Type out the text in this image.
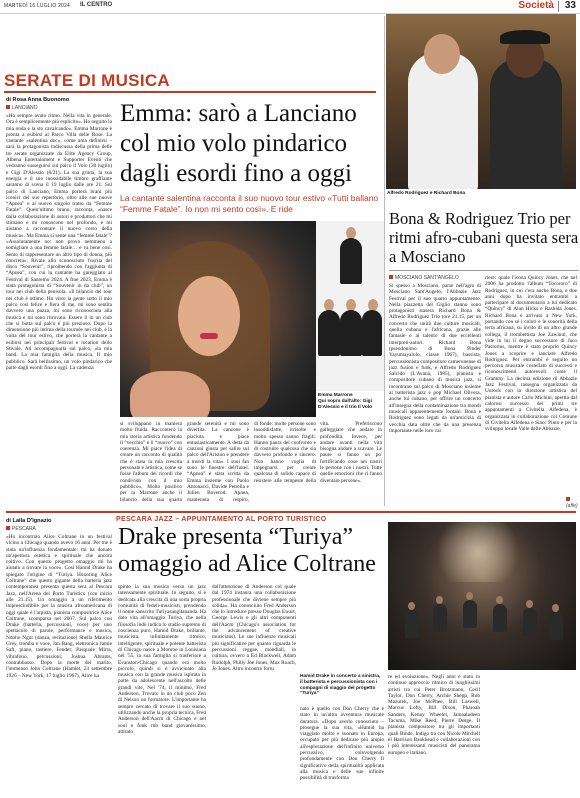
MARTEDÌ 16 LUGLIO 2024 IL CENTRO	Società 33
SERATE DI MUSICA
di Rosa Anna Buonomo
LANCIANO
«Ho sempre avuto ritmo. Nella vita in generale. Ora è semplicemente più esplicito». Ho seguito la mia onda e la sto cavalcando». Emma Marrone è pronta a esibirsi al Parco Villa delle Rose. La cantante «salentina doc», come ama definirsi – sarà la protagonista indiscussa della prima delle tre serate organizzate da Elite Agency Group, Albena Entertainment e Supporter Eventi che vedranno susseguirsi sul palco il Volo (30 luglio) e Gigi D'Alessio (8/21). La sua grinta, la sua energia e il suo inossidabile timbro graffiante saranno di scena il 19 luglio dalle ore 21. Sul palco di Lanciano, Emma porterà brani più iconici del suo repertorio, oltre alle sue nuove “Apnea” e al nuovo singolo tratto da “Femme Fatale”. Quest'ultimo brano, racconta, «nasce dalla collaborazione di autori e produttori che mi stimano e mi conoscono nel profondo, e mi aiutano a raccontare il nuovo corso della musica». Ma Emma si sente una “femme fatale”? «Assolutamente no: non provo nemmeno a somigliare a una femme fatale… e va bene così. Sento di rappresentare un altro tipo di donna, più concreta». Rivale allo sconosciuto l'uscita del disco “Souvenir”, riproibendo con l'aggiunta di “Apnea”, con cui la cantante ha gareggiato al Festival di Sanremo 2024. A fine 2023, Emma è stata protagonista di “Souvenir in da club”, un tour nei club della penisola. «Il bilancio del tour nei club è ottimo. Ho visto la gente sotto il mio palco così felice e fiera di me, mi sono sentita davvero una pazza, mi sono riconosciuta alla musica e mi sono ritrovata. Essere lì in un club che si butta sul palco è più prezioso. Dopo la dimensione più intima della tournée nei club, è la volta del tour estivo, che porterà la cantante a esibirsi nei principali festival e location dello Stivale. Ad accompagnarla sul palco, «la mia band. La mia famiglia della musica. Il mio pubblico. Sarà bellissimo, un volo pindarico che parte dagli esordi fino a oggi. La cadenza
Emma: sarò a Lanciano col mio volo pindarico dagli esordi fino a oggi
La cantante salentina racconta il suo nuovo tour estivo «Tutti ballano “Femme Fatale”. Io non mi sento così». E ride
Emma Marrone
Qui sopra dall'alto: Gigi D'Alessio e il trio Il Volo
si sviluppano in maniera molto fluida. Racconterò la mia storia artistica fondendo il “vecchio” e il “nuovo” con coerenza. Mi piace l'idea di creare un racconto di qualità che è stata la mia crescita personale e artistica, come se fosse l'album dei ricordi che condivido con il mio pubblico». Molto positivo per la Marrone anche il bilancio della sua quarta
grande serenità e mi sono divertita. La canzone è piaciuta e piace entusiasticamente. A detta da canzoni giusta per salire sul palco dell'Ariston e prendere a mordi la vita». I suoi fan sono le finestre dell'hotel. “Apnea” è stata scritta da Emma insieme con Paolo Antonacci, Davide Petrella e Julien Boverod. Apnea, mantenuta di respiro,
di fonde: molte persone sono insoddisfatte, irrisolte e molto spesso sanno fragili. Hanno paura del confronto e di costruire qualcosa che sia davvero profondo e sincero. Non hanno voglia di impegnarsi per creare qualcosa di solido capace di resistere alle tempeste della vita. Preferiscono galleggiare che andare in profondità. Invece, per andare avanti nella vita bisogna andare a scavare. Le paure si fanno un po' fortificando cose nei nostri le persone con i nostri. Tutte quelle emozioni che ci fanno diventare persone».
Alfredo Rodriguez e Richard Bona
Bona & Rodriguez Trio per ritmi afro-cubani questa sera a Mosciano
MOSCIANO SANT'ANGELO
Si spesso a Mosciano, parse nell'agro di Mosciano Sant'Angelo, l'Abbazie Jazz Festival per il suo quarto appuntamento. Nella piazzetta del Giglio stanno sono protagonisti stasera Richard Bona & Alfredo Rodriguez Trio (ore 21.15, per un concerto che unirà due culture musicali, quella cubana e l'africana, grazie alle fantasie e al talento di due eccellenti interpreti-autori. Richard Bona (pseudonimo di Bona Pinder Yayumayalolo, classe 1967), bassista, percussionista compositore camerunense di jazz fusion e funk, e Alfredo Rodriguez Salcido (L'Avana, 1985), pianista e compositore cubano di musica jazz, si incontrano sul palco di Mosciano insieme al batterista jazz e pop Michael Olivera, anche lui cubano, per offrire un concerto all'insegna della contaminazione tra mondi musicali apparentemente lontani. Bona e Rodriguez sono legati da un'amicizia di vecchia data oltre che da una presenza importante nelle loro car
riere: quale l'icona Quincy Jones, che nel 2006 ha prodotto l'album “Tocororo” di Rodriguez, in cui c'era anche Bona, e due anni dopo ha invitato entrambi a partecipare al documentario a lui dedicato “Quincy” di Alan Hicks e Rashida Jones. Richard Bona è arrivato a New York, portando con sé i colori e le sonorità della terra africana, su invito di un altro grande collega, il trombettista Joe Zawinul, che vide in lui il degno successore di Jaco Pastorius, mentre è stato proprio Quincy Jones a scoprire e lanciare Alfredo Rodriguez. Per entrambi è seguito un percorso musicale costellato di successi e riconoscimenti autorevoli come il Grammy. La decima edizione di Abbazie Jazz Festival, rassegna organizzata da Unrock con la direzione artistica del pianista e autore Carlo Michini, apertta dal calorosi successo dei primi tre appuntamenti a Civitella Alfedena, è organizzata in collaborazione col Comune di Civitella Alfedena e Siacc Pinto e per la sviluppo locale Valle delle Abbazie.
(affe)
PESCARA JAZZ – APPUNTAMENTO AL PORTO TURISTICO
di Lalla D'Ignazio
PESCARA
«Ho incontrato Alice Coltrane in un festival vicino a Chicago quando avevo 16 anni. Per me è stata un'influenza fondamentale: mi ha donato un'apertura estetica e spirituale che ancora coltivo. Con questo progetto omaggio mi ha aiutato a trovare la voce». Così Hamid Drake ha spiegato l'origine di “Turiya. Honoring Alice Coltrane” che questo gigante della batteria jazz contemporanea presenta questa sera al Pescara Jazz, nell'Arena del Porto Turistico (con inizio alle 21.15). Un omaggio a un riferimento imprescindibile per la musica afroamericana di oggi quale è l'arpista, pianista compositrice Alice Coltrane, scomparsa nel 2007. Sul palco con Drake (batteria, percussioni, voce) per uno spettacolo di parole, performance e musica, Ndoho Ngor (danza, recitazione) Shella Maurice Grey, tromba e voce, Jan Bang, elettronica Jamie Saft, piano, tastiere, Fender; Pasquale Mirra, vibrafono, percussioni; Joshua Abrams, contrabbasso. Dopo la morte del marito, l'immenso John Coltrane (Hamlet, 23 settembre 1926 – New York, 17 luglio 1967), Alice ha
Drake presenta “Turiya” omaggio ad Alice Coltrane
spinto la sua musica verso un jazz intensamente spirituale. In seguito, si è dedicata alla crescita di una sorta propria comunità di fedeli-musicisti, prendendo il nome sanscrito Turiyasangitananda. Ha dato vita all'omaggio Turiya, che nella filosofia indù indica lo stadio supremo di coscienza puro, Hamid Drake, brillante, musicista, infinitamente ritmico, intelligente, spirituale e potente batterista di Chicago nasce a Monroe in Louisiana nel '55, la sua famiglia si trasferisce a Evanston-Chicago quando era molto piccolo, quindi si è avvicinato alla musica con la grande musica ispirata in parte da adolescente nell'ascolto delle grandi vite, Nel '74, il minimo, Fred Anderson, Trovato in un club poco Zen di Nelson un formatore. L'importante ha sempre cercato di trovare il suo suono, utilizzando anche la propria tecnica, Fred Anderson dell'Aacm di Chicago e nel soul e funk rnb band giovanissimo, attirato
dall'attenzione di Anderson col quale dal 1974 instaura una collaborazione professionale che diviene sempre più solida». Ha conosciuto Fred Anderson che lo introduce presso Douglas Ewart, George Lewis e gli altri componenti dell'Aacm (Chicago's association for the advancement of creative musicians). Le sue influenze musicali più significative per quanto riguarda le percussioni reggae, mondiali, in cultura, ovvero a Ed Blackwell, Adam Rudolph, Philly Joe Jones, Max Roach, Jo Jones. Altro incontro fortu
Hamid Drake in concerto a sinistra, il batterista e percussionista con i compagni di viaggio del progetto “Turiya”
nato è quello con Don Cherry che è stato in un'altra avventura musicale duratura. «Dopo averlo conosciuto – prosegue la sua vita, «Hamid ha viaggiato molto e suonato in Europa, occupato per più dedicare più ampio all'esplorazione dell'infinito universo percussivo, coinvolgendo profondamente con Don Cherry Il significativo della spiritualità applicata alla musica e delle sue infinite possibilità di trasforma
re ed evoluzione». Negli anni è stato in continuo approccio ritmico di lunghissimi artisti tra cui Peter Brotzmann, Cecil Taylor, Don Cherry, Archie Shepp, Rob Mazurek, Joe McPhee, Bill Laswell, Marcus Lofty, Bill Dixon, Pharoah Sanders, Kenny Wheeler, Jamaaladeen Tacuma, Mike Reed, Pierre Dørge. Il pianista compositore tra gli importanti quali Rinde, Indigo tra con Nicole Mitchell el Harrison Bankhead e collaborazioni con i più interessanti musicisti del panorama europeo e italiano.
